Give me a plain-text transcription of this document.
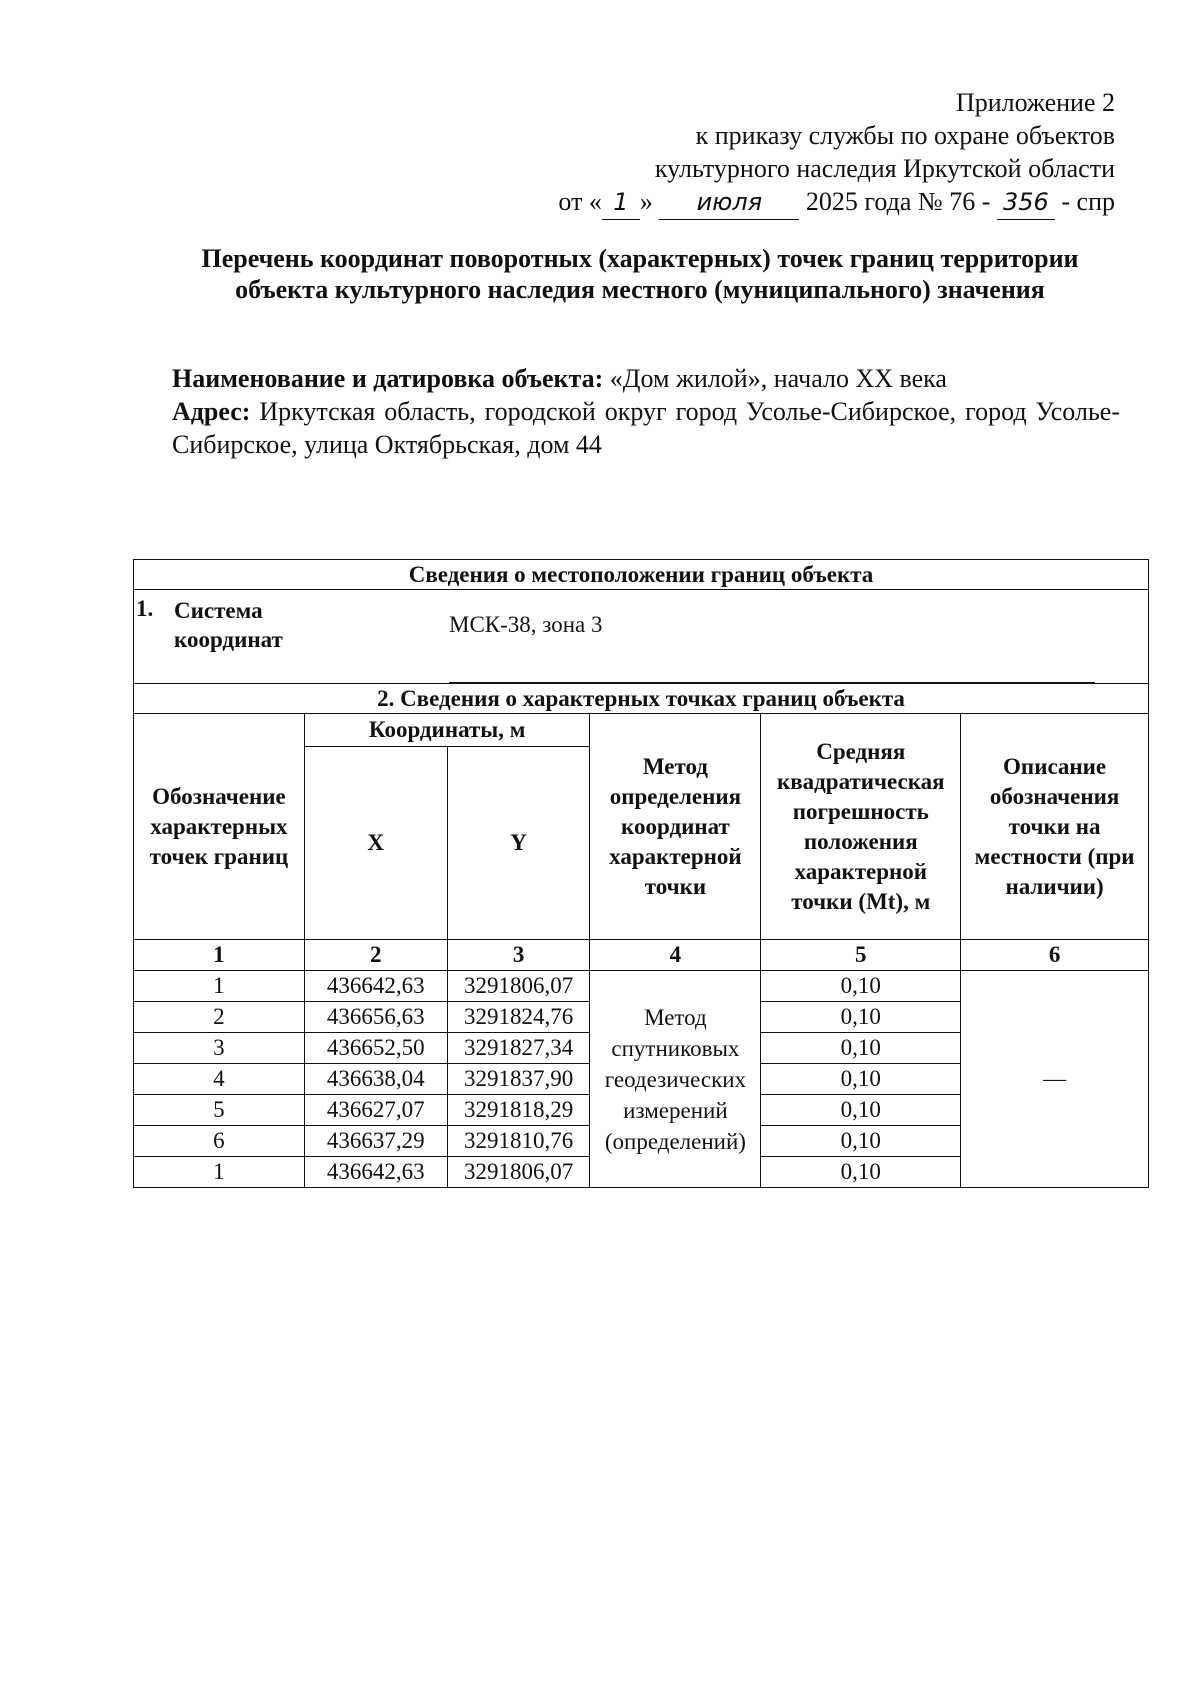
Приложение 2
к приказу службы по охране объектов
культурного наследия Иркутской области
от « 1 » июля 2025 года № 76 - 356 - спр
Перечень координат поворотных (характерных) точек границ территории объекта культурного наследия местного (муниципального) значения
Наименование и датировка объекта: «Дом жилой», начало XX века
Адрес: Иркутская область, городской округ город Усолье-Сибирское, город Усолье-Сибирское, улица Октябрьская, дом 44
Сведения о местоположении границ объекта					

1. Система координат
МСК-38, зона 3					

2. Сведения о характерных точках границ объекта					
Обозначение характерных точек границ	Координаты, м		Метод определения координат характерной точки	Средняя квадратическая погрешность положения характерной точки (Mt), м	Описание обозначения точки на местности (при наличии)
	X	Y			
1	2	3	4	5	6
1	436642,63	3291806,07	Метод спутниковых геодезических измерений (определений)	0,10	—
2	436656,63	3291824,76		0,10	
3	436652,50	3291827,34		0,10	
4	436638,04	3291837,90		0,10	
5	436627,07	3291818,29		0,10	
6	436637,29	3291810,76		0,10	
1	436642,63	3291806,07		0,10	
